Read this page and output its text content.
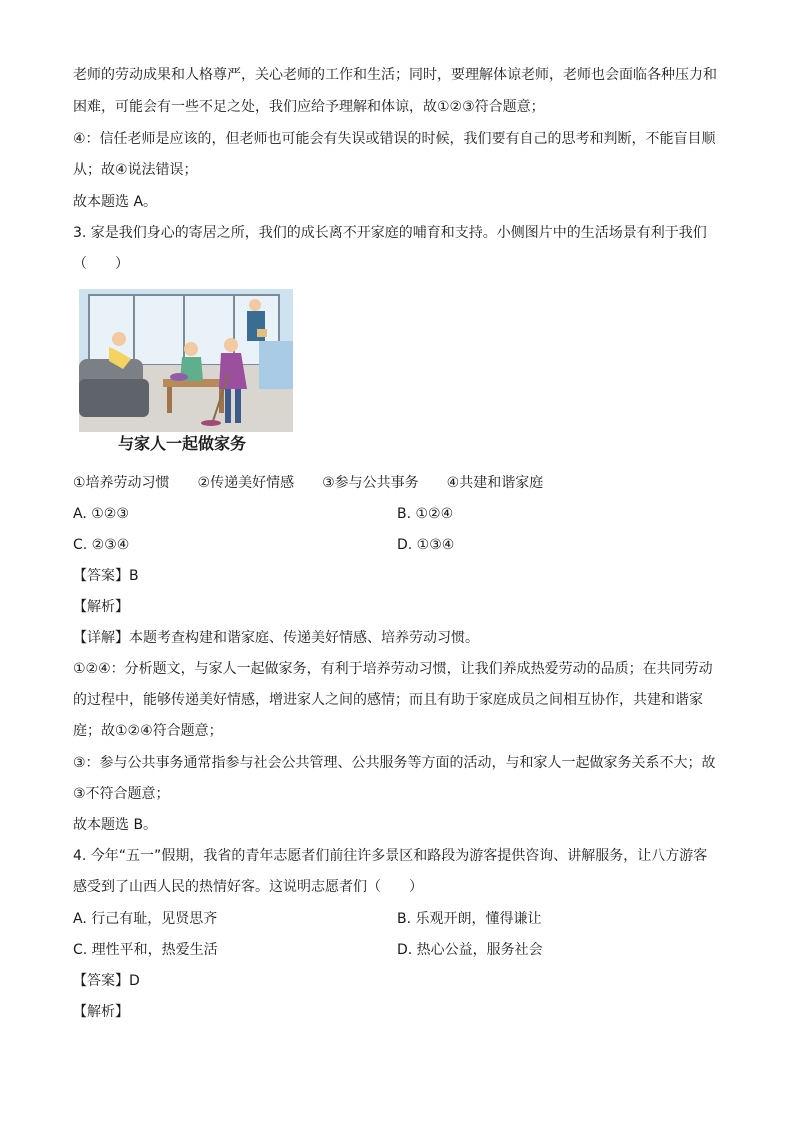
老师的劳动成果和人格尊严，关心老师的工作和生活；同时，要理解体谅老师，老师也会面临各种压力和
困难，可能会有一些不足之处，我们应给予理解和体谅，故①②③符合题意；
④：信任老师是应该的，但老师也可能会有失误或错误的时候，我们要有自己的思考和判断，不能盲目顺
从；故④说法错误；
故本题选 A。
3. 家是我们身心的寄居之所，我们的成长离不开家庭的哺育和支持。小侧图片中的生活场景有利于我们
（　　）
与家人一起做家务
①培养劳动习惯　　②传递美好情感　　③参与公共事务　　④共建和谐家庭
A. ①②③	B. ①②④
C. ②③④	D. ①③④
【答案】B
【解析】
【详解】本题考查构建和谐家庭、传递美好情感、培养劳动习惯。
①②④：分析题文，与家人一起做家务，有利于培养劳动习惯，让我们养成热爱劳动的品质；在共同劳动
的过程中，能够传递美好情感，增进家人之间的感情；而且有助于家庭成员之间相互协作，共建和谐家
庭；故①②④符合题意；
③：参与公共事务通常指参与社会公共管理、公共服务等方面的活动，与和家人一起做家务关系不大；故
③不符合题意；
故本题选 B。
4. 今年“五一”假期，我省的青年志愿者们前往许多景区和路段为游客提供咨询、讲解服务，让八方游客
感受到了山西人民的热情好客。这说明志愿者们（　　）
A. 行己有耻，见贤思齐	B. 乐观开朗，懂得谦让
C. 理性平和，热爱生活	D. 热心公益，服务社会
【答案】D
【解析】
